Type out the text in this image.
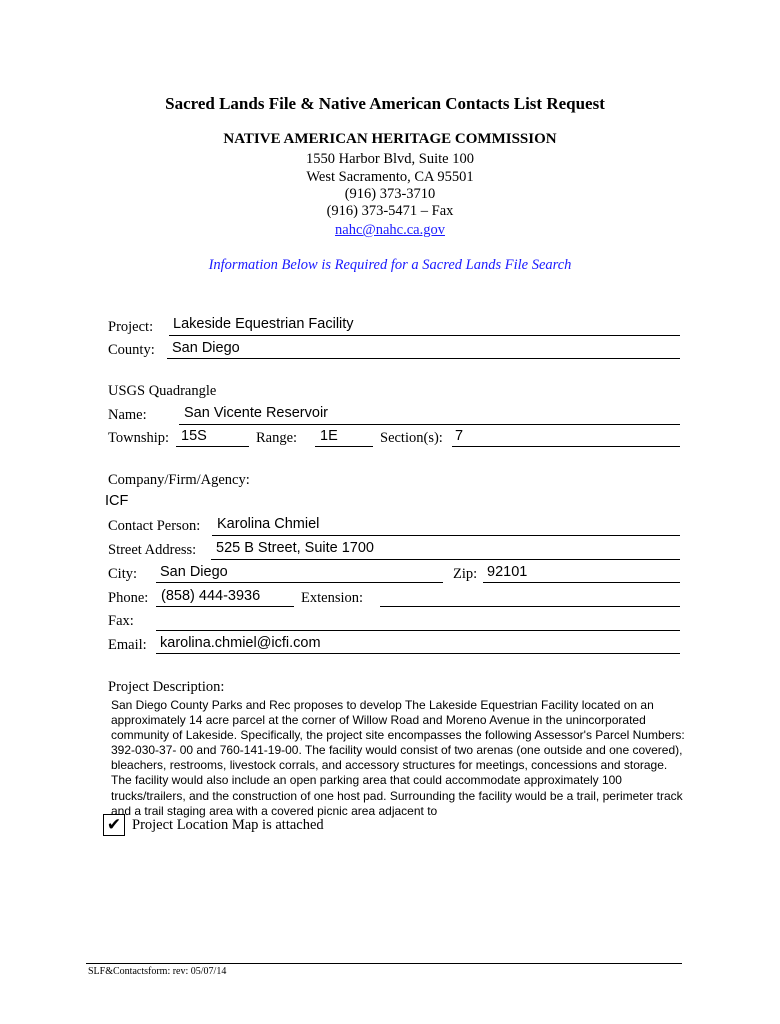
Sacred Lands File & Native American Contacts List Request
NATIVE AMERICAN HERITAGE COMMISSION
1550 Harbor Blvd, Suite 100
West Sacramento, CA 95501
(916) 373-3710
(916) 373-5471 – Fax
nahc@nahc.ca.gov
Information Below is Required for a Sacred Lands File Search
Project: Lakeside Equestrian Facility
County: San Diego
USGS Quadrangle
Name:	San Vicente Reservoir
Township: 15S	Range: 1E	Section(s): 7
Company/Firm/Agency:
ICF
Contact Person: Karolina Chmiel
Street Address: 525 B Street, Suite 1700
City: San Diego	Zip: 92101
Phone: (858) 444-3936	Extension:
Fax:
Email: karolina.chmiel@icfi.com
Project Description:
San Diego County Parks and Rec proposes to develop The Lakeside Equestrian Facility located on an approximately 14 acre parcel at the corner of Willow Road and Moreno Avenue in the unincorporated community of Lakeside. Specifically, the project site encompasses the following Assessor's Parcel Numbers: 392-030-37- 00 and 760-141-19-00. The facility would consist of two arenas (one outside and one covered), bleachers, restrooms, livestock corrals, and accessory structures for meetings, concessions and storage. The facility would also include an open parking area that could accommodate approximately 100 trucks/trailers, and the construction of one host pad. Surrounding the facility would be a trail, perimeter track and a trail staging area with a covered picnic area adjacent to
✔ Project Location Map is attached
SLF&Contactsform: rev: 05/07/14
